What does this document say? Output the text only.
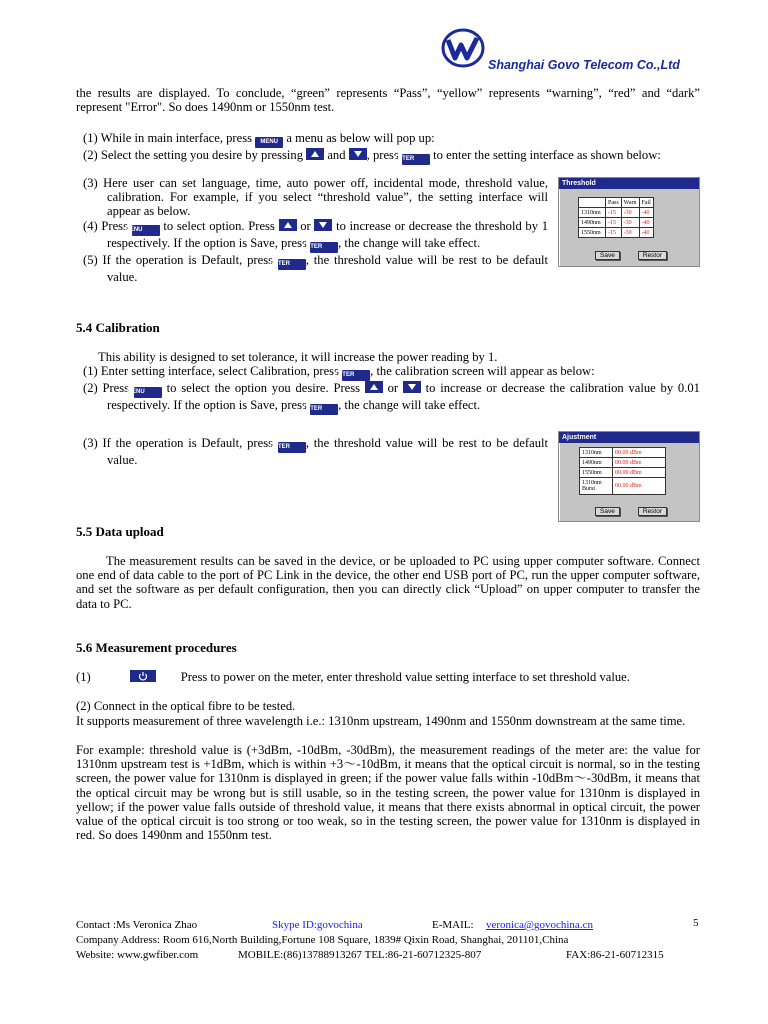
Shanghai Govo Telecom Co.,Ltd
the results are displayed. To conclude, “green” represents “Pass”, “yellow” represents “warning”, “red” and “dark” represent "Error". So does 1490nm or 1550nm test.
(1) While in main interface, press MENU a menu as below will pop up:
(2) Select the setting you desire by pressing and , press ENTER to enter the setting interface as shown below:
(3) Here user can set language, time, auto power off, incidental mode, threshold value, calibration. For example, if you select “threshold value”, the setting interface will appear as below.
(4) Press MENU to select option. Press or to increase or decrease the threshold by 1 respectively. If the option is Save, press ENTER , the change will take effect.
(5) If the operation is Default, press ENTER , the threshold value will be rest to be default value.
Threshold
	Pass	Warn	Fail
1310nm	-15	-30	-40
1490nm	-15	-30	-40
1550nm	-15	-30	-40
Save	Restor
5.4 Calibration
This ability is designed to set tolerance, it will increase the power reading by 1.
(1) Enter setting interface, select Calibration, press ENTER , the calibration screen will appear as below:
(2) Press MENU to select the option you desire. Press or to increase or decrease the calibration value by 0.01 respectively. If the option is Save, press ENTER , the change will take effect.
(3) If the operation is Default, press ENTER , the threshold value will be rest to be default value.
Ajustment
1310nm	00.00 dBm
1490nm	00.00 dBm
1550nm	00.00 dBm
1310nm Burst	00.00 dBm
Save	Restor
5.5 Data upload
The measurement results can be saved in the device, or be uploaded to PC using upper computer software. Connect one end of data cable to the port of PC Link in the device, the other end USB port of PC, run the upper computer software, and set the software as per default configuration, then you can directly click “Upload” on upper computer to transfer the data to PC.
5.6 Measurement procedures
(1)	Press to power on the meter, enter threshold value setting interface to set threshold value.
(2) Connect in the optical fibre to be tested.
It supports measurement of three wavelength i.e.: 1310nm upstream, 1490nm and 1550nm downstream at the same time.
For example: threshold value is (+3dBm, -10dBm, -30dBm), the measurement readings of the meter are: the value for 1310nm upstream test is +1dBm, which is within +3～-10dBm, it means that the optical circuit is normal, so in the testing screen, the power value for 1310nm is displayed in green; if the power value falls within -10dBm～-30dBm, it means that the optical circuit may be wrong but is still usable, so in the testing screen, the power value for 1310nm is displayed in yellow; if the power value falls outside of threshold value, it means that there exists abnormal in optical circuit, the power value of the optical circuit is too strong or too weak, so in the testing screen, the power value for 1310nm is displayed in red. So does 1490nm and 1550nm test.
Contact :Ms Veronica Zhao	Skype ID:govochina	E-MAIL: veronica@govochina.cn	5
Company Address: Room 616,North Building,Fortune 108 Square, 1839# Qixin Road, Shanghai, 201101,China
Website: www.gwfiber.com	MOBILE:(86)13788913267 TEL:86-21-60712325-807	FAX:86-21-60712315
